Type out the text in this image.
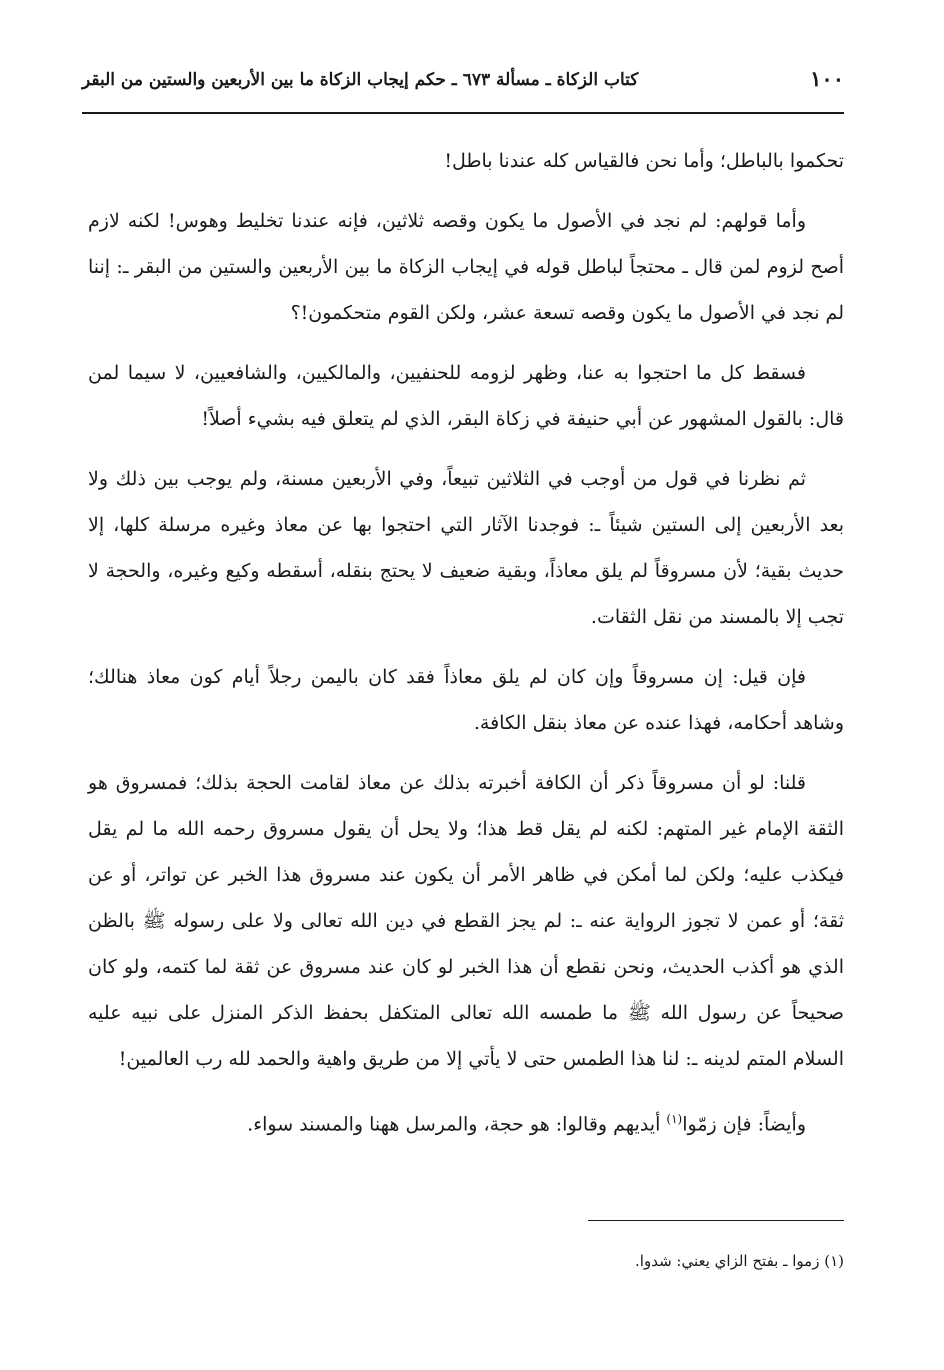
١٠٠
كتاب الزكاة ـ مسألة ٦٧٣ ـ حكم إيجاب الزكاة ما بين الأربعين والستين من البقر

تحكموا بالباطل؛ وأما نحن فالقياس كله عندنا باطل!

وأما قولهم: لم نجد في الأصول ما يكون وقصه ثلاثين، فإنه عندنا تخليط وهوس! لكنه لازم أصح لزوم لمن قال ـ محتجاً لباطل قوله في إيجاب الزكاة ما بين الأربعين والستين من البقر ـ: إننا لم نجد في الأصول ما يكون وقصه تسعة عشر، ولكن القوم متحكمون!؟

فسقط كل ما احتجوا به عنا، وظهر لزومه للحنفيين، والمالكيين، والشافعيين، لا سيما لمن قال: بالقول المشهور عن أبي حنيفة في زكاة البقر، الذي لم يتعلق فيه بشيء أصلاً!

ثم نظرنا في قول من أوجب في الثلاثين تبيعاً، وفي الأربعين مسنة، ولم يوجب بين ذلك ولا بعد الأربعين إلى الستين شيئاً ـ: فوجدنا الآثار التي احتجوا بها عن معاذ وغيره مرسلة كلها، إلا حديث بقية؛ لأن مسروقاً لم يلق معاذاً، وبقية ضعيف لا يحتج بنقله، أسقطه وكيع وغيره، والحجة لا تجب إلا بالمسند من نقل الثقات.

فإن قيل: إن مسروقاً وإن كان لم يلق معاذاً فقد كان باليمن رجلاً أيام كون معاذ هنالك؛ وشاهد أحكامه، فهذا عنده عن معاذ بنقل الكافة.

قلنا: لو أن مسروقاً ذكر أن الكافة أخبرته بذلك عن معاذ لقامت الحجة بذلك؛ فمسروق هو الثقة الإمام غير المتهم: لكنه لم يقل قط هذا؛ ولا يحل أن يقول مسروق رحمه الله ما لم يقل فيكذب عليه؛ ولكن لما أمكن في ظاهر الأمر أن يكون عند مسروق هذا الخبر عن تواتر، أو عن ثقة؛ أو عمن لا تجوز الرواية عنه ـ: لم يجز القطع في دين الله تعالى ولا على رسوله ﷺ بالظن الذي هو أكذب الحديث، ونحن نقطع أن هذا الخبر لو كان عند مسروق عن ثقة لما كتمه، ولو كان صحيحاً عن رسول الله ﷺ ما طمسه الله تعالى المتكفل بحفظ الذكر المنزل على نبيه عليه السلام المتم لدينه ـ: لنا هذا الطمس حتى لا يأتي إلا من طريق واهية والحمد لله رب العالمين!

وأيضاً: فإن زمّوا$^{(١)}$ أيديهم وقالوا: هو حجة، والمرسل ههنا والمسند سواء.

(١) زموا ـ بفتح الزاي يعني: شدوا.
